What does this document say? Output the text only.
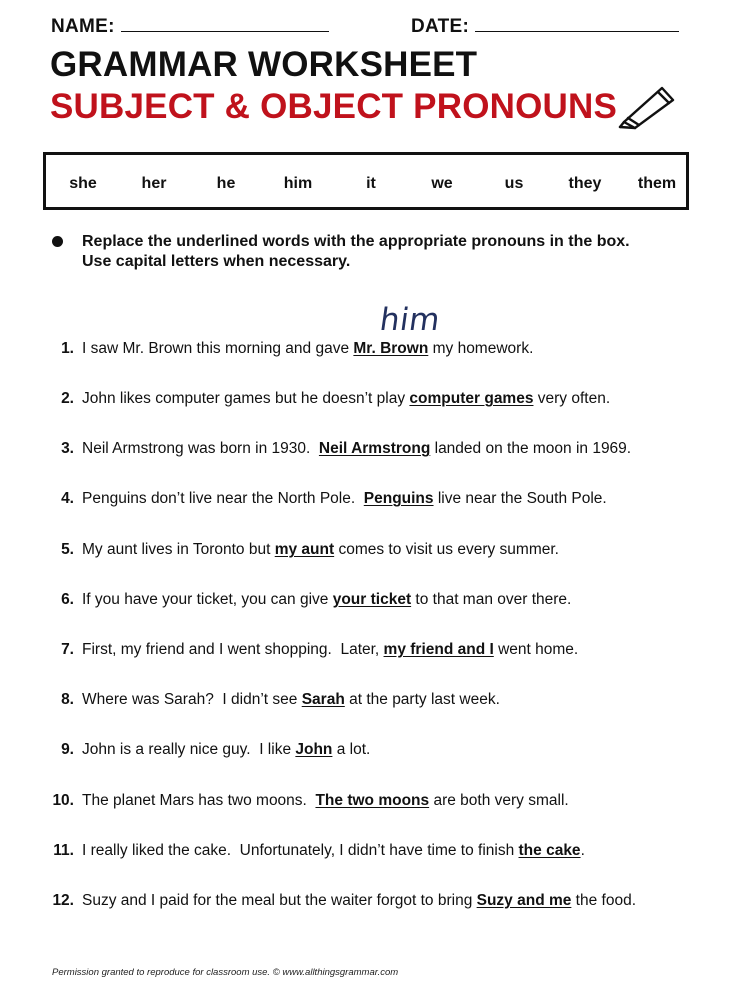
NAME:	DATE:
GRAMMAR WORKSHEET
SUBJECT & OBJECT PRONOUNS
she	her	he	him	it	we	us	they them
Replace the underlined words with the appropriate pronouns in the box.
Use capital letters when necessary.
him
1. I saw Mr. Brown this morning and gave Mr. Brown my homework.
2. John likes computer games but he doesn’t play computer games very often.
3. Neil Armstrong was born in 1930.  Neil Armstrong landed on the moon in 1969.
4. Penguins don’t live near the North Pole.  Penguins live near the South Pole.
5. My aunt lives in Toronto but my aunt comes to visit us every summer.
6. If you have your ticket, you can give your ticket to that man over there.
7. First, my friend and I went shopping.  Later, my friend and I went home.
8. Where was Sarah?  I didn’t see Sarah at the party last week.
9. John is a really nice guy.  I like John a lot.
10. The planet Mars has two moons.  The two moons are both very small.
11. I really liked the cake.  Unfortunately, I didn’t have time to finish the cake.
12. Suzy and I paid for the meal but the waiter forgot to bring Suzy and me the food.
Permission granted to reproduce for classroom use. © www.allthingsgrammar.com
